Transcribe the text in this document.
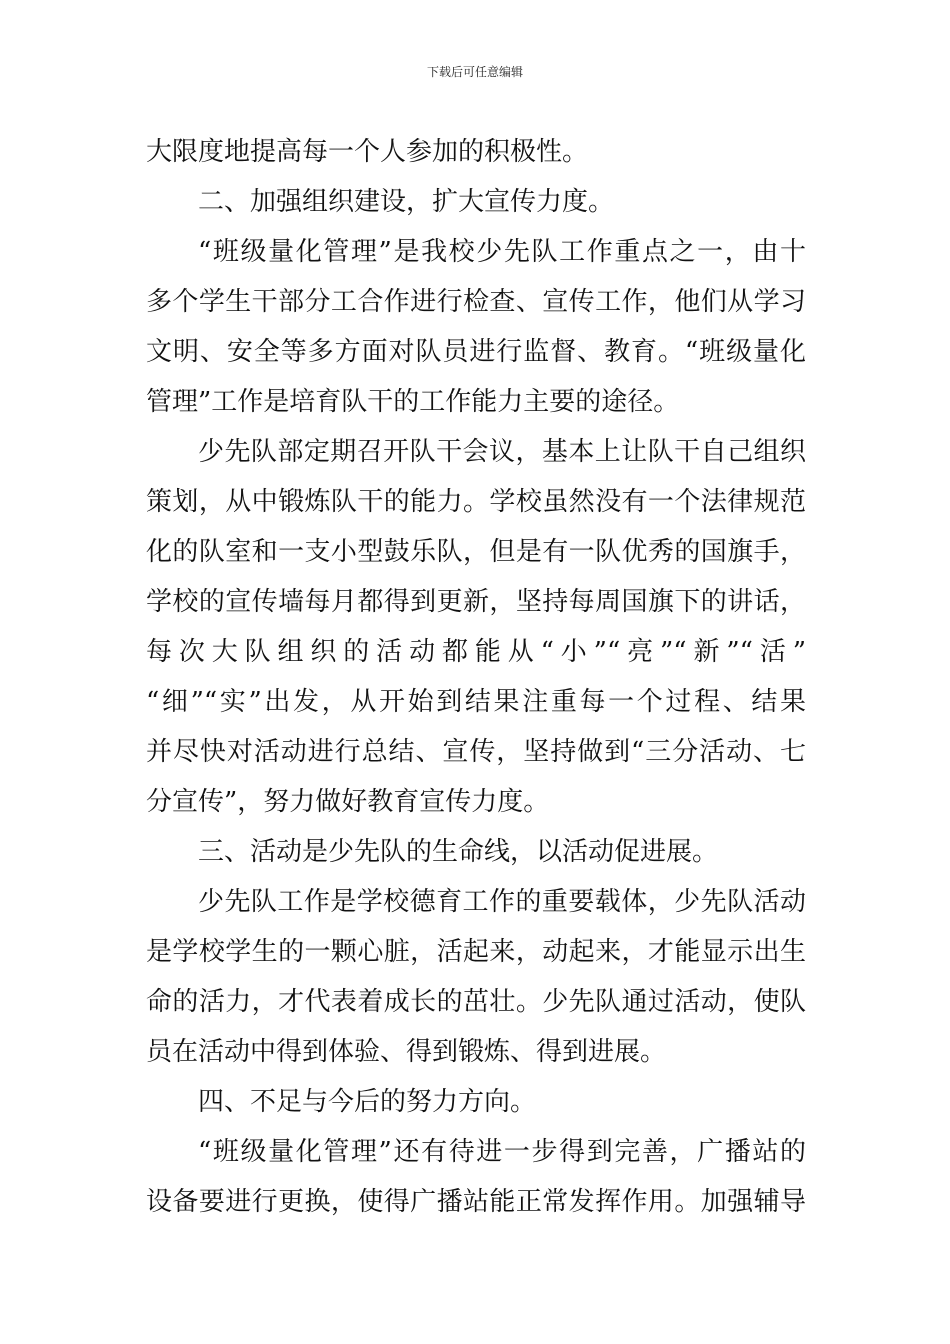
下载后可任意编辑
大限度地提高每一个人参加的积极性。
二、加强组织建设，扩大宣传力度。
“班级量化管理”是我校少先队工作重点之一，由十
多个学生干部分工合作进行检查、宣传工作，他们从学习
文明、安全等多方面对队员进行监督、教育。“班级量化
管理”工作是培育队干的工作能力主要的途径。
少先队部定期召开队干会议，基本上让队干自己组织
策划，从中锻炼队干的能力。学校虽然没有一个法律规范
化的队室和一支小型鼓乐队，但是有一队优秀的国旗手，
学校的宣传墙每月都得到更新，坚持每周国旗下的讲话，
每次大队组织的活动都能从“小”“亮”“新”“活”
“细”“实”出发，从开始到结果注重每一个过程、结果
并尽快对活动进行总结、宣传，坚持做到“三分活动、七
分宣传”，努力做好教育宣传力度。
三、活动是少先队的生命线，以活动促进展。
少先队工作是学校德育工作的重要载体，少先队活动
是学校学生的一颗心脏，活起来，动起来，才能显示出生
命的活力，才代表着成长的茁壮。少先队通过活动，使队
员在活动中得到体验、得到锻炼、得到进展。
四、不足与今后的努力方向。
“班级量化管理”还有待进一步得到完善，广播站的
设备要进行更换，使得广播站能正常发挥作用。加强辅导
